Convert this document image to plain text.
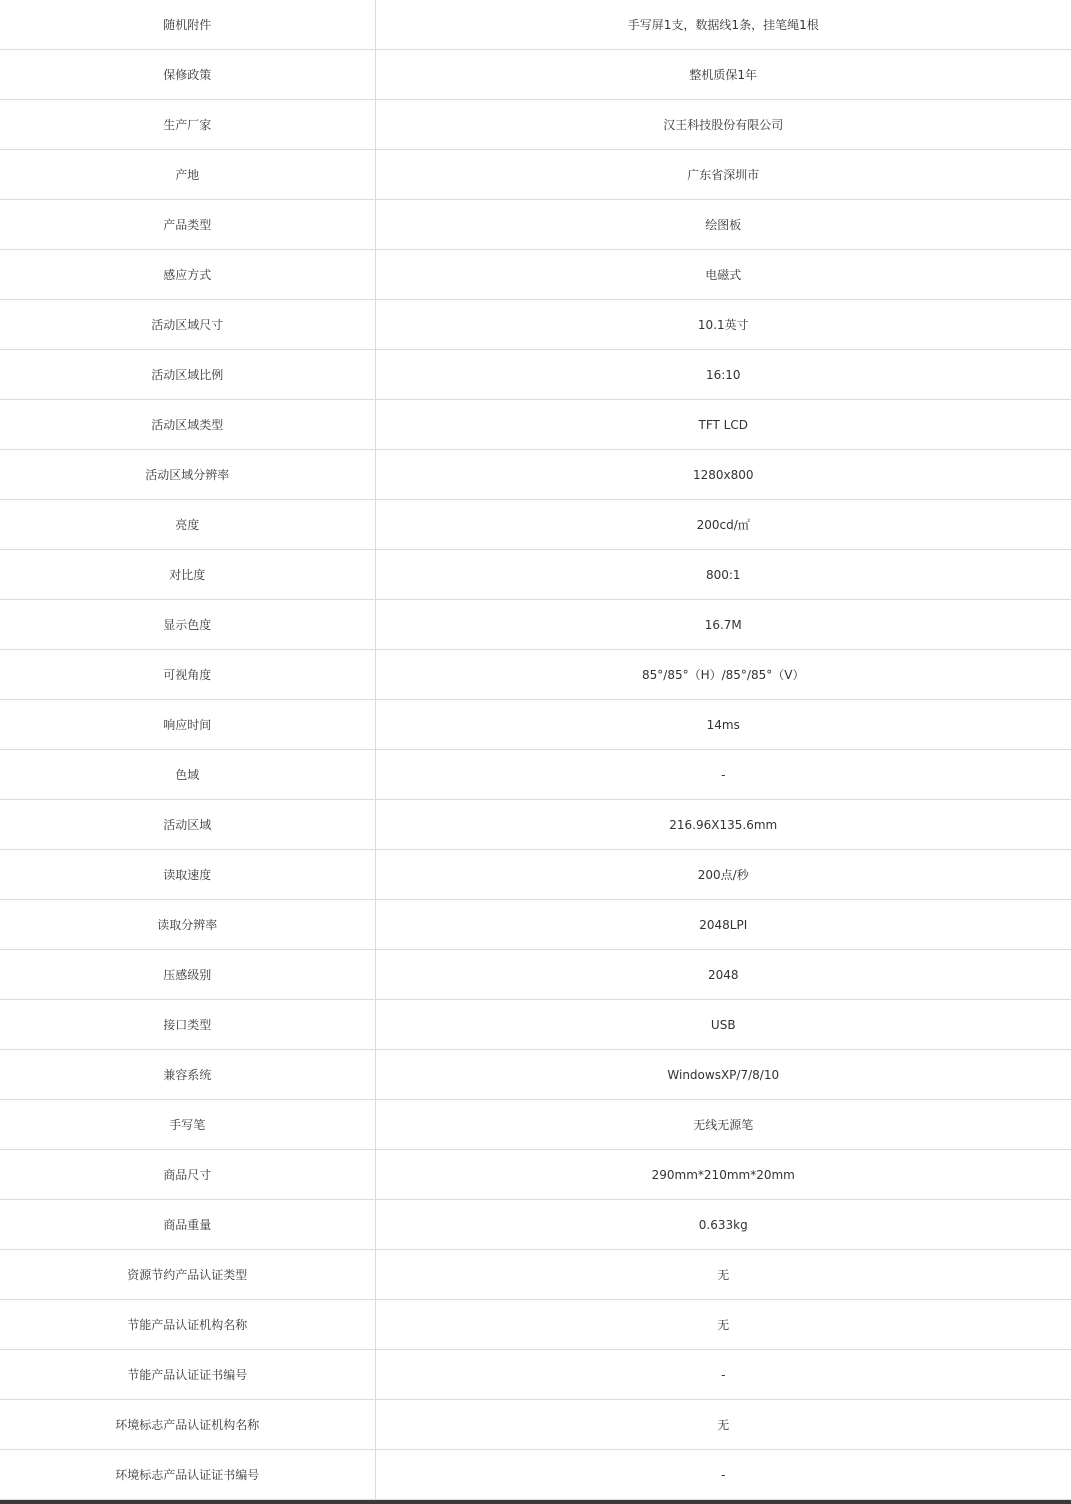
随机附件	手写屏1支，数据线1条，挂笔绳1根
保修政策	整机质保1年
生产厂家	汉王科技股份有限公司
产地	广东省深圳市
产品类型	绘图板
感应方式	电磁式
活动区域尺寸	10.1英寸
活动区域比例	16:10
活动区域类型	TFT LCD
活动区域分辨率	1280x800
亮度	200cd/㎡
对比度	800:1
显示色度	16.7M
可视角度	85°/85°（H）/85°/85°（V）
响应时间	14ms
色域	-
活动区域	216.96X135.6mm
读取速度	200点/秒
读取分辨率	2048LPI
压感级别	2048
接口类型	USB
兼容系统	WindowsXP/7/8/10
手写笔	无线无源笔
商品尺寸	290mm*210mm*20mm
商品重量	0.633kg
资源节约产品认证类型	无
节能产品认证机构名称	无
节能产品认证证书编号	-
环境标志产品认证机构名称	无
环境标志产品认证证书编号	-
